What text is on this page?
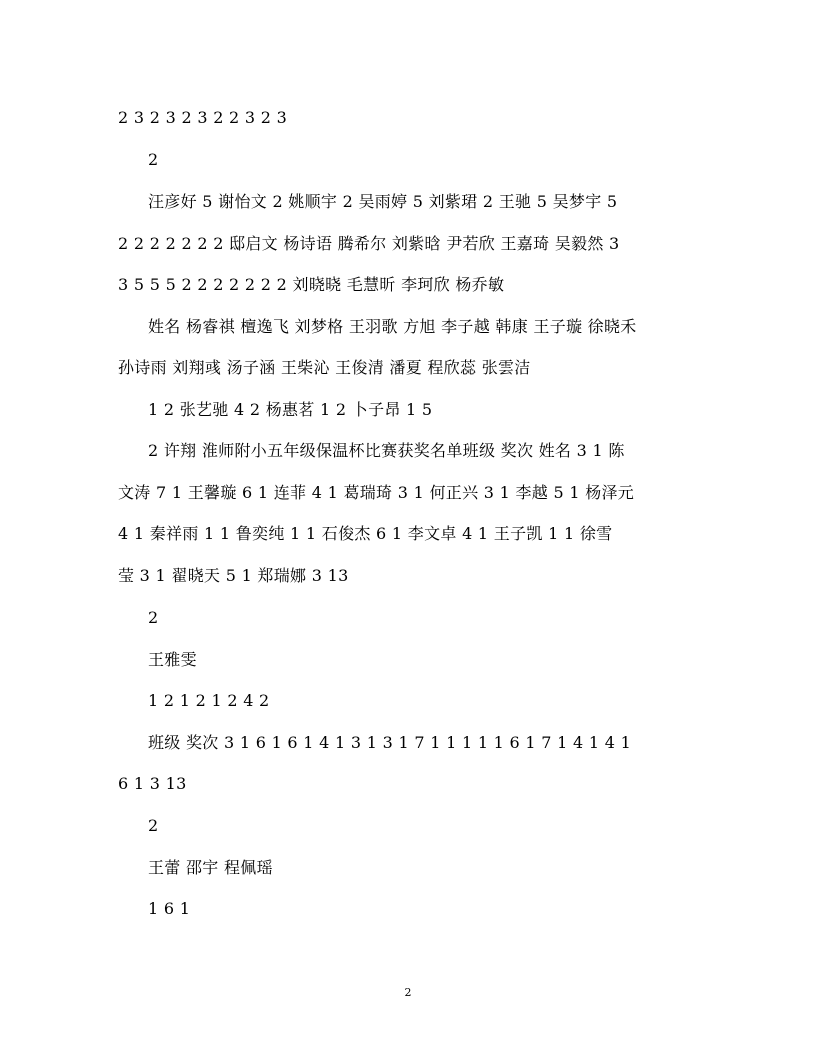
2 3 2 3 2 3 2 2 3 2 3
2
汪彦好 5 谢怡文 2 姚顺宇 2 吴雨婷 5 刘紫珺 2 王驰 5 吴梦宇 5
2 2 2 2 2 2 2 邸启文 杨诗语 腾希尔 刘紫晗 尹若欣 王嘉琦 吴毅然 3
3 5 5 5 2 2 2 2 2 2 2 刘晓晓 毛慧昕 李珂欣 杨乔敏
姓名 杨睿祺 檀逸飞 刘梦格 王羽歌 方旭 李子越 韩康 王子璇 徐晓禾
孙诗雨 刘翔彧 汤子涵 王柴沁 王俊清 潘夏 程欣蕊 张雲洁
1 2 张艺驰 4 2 杨惠茗 1 2 卜子昂 1 5
2 许翔 淮师附小五年级保温杯比赛获奖名单班级 奖次 姓名 3 1 陈
文涛 7 1 王馨璇 6 1 连菲 4 1 葛瑞琦 3 1 何正兴 3 1 李越 5 1 杨泽元
4 1 秦祥雨 1 1 鲁奕纯 1 1 石俊杰 6 1 李文卓 4 1 王子凯 1 1 徐雪
莹 3 1 翟晓天 5 1 郑瑞娜 3 13
2
王雅雯
1 2 1 2 1 2 4 2
班级 奖次 3 1 6 1 6 1 4 1 3 1 3 1 7 1 1 1 1 1 6 1 7 1 4 1 4 1
6 1 3 13
2
王蕾 邵宇 程佩瑶
1 6 1
2
